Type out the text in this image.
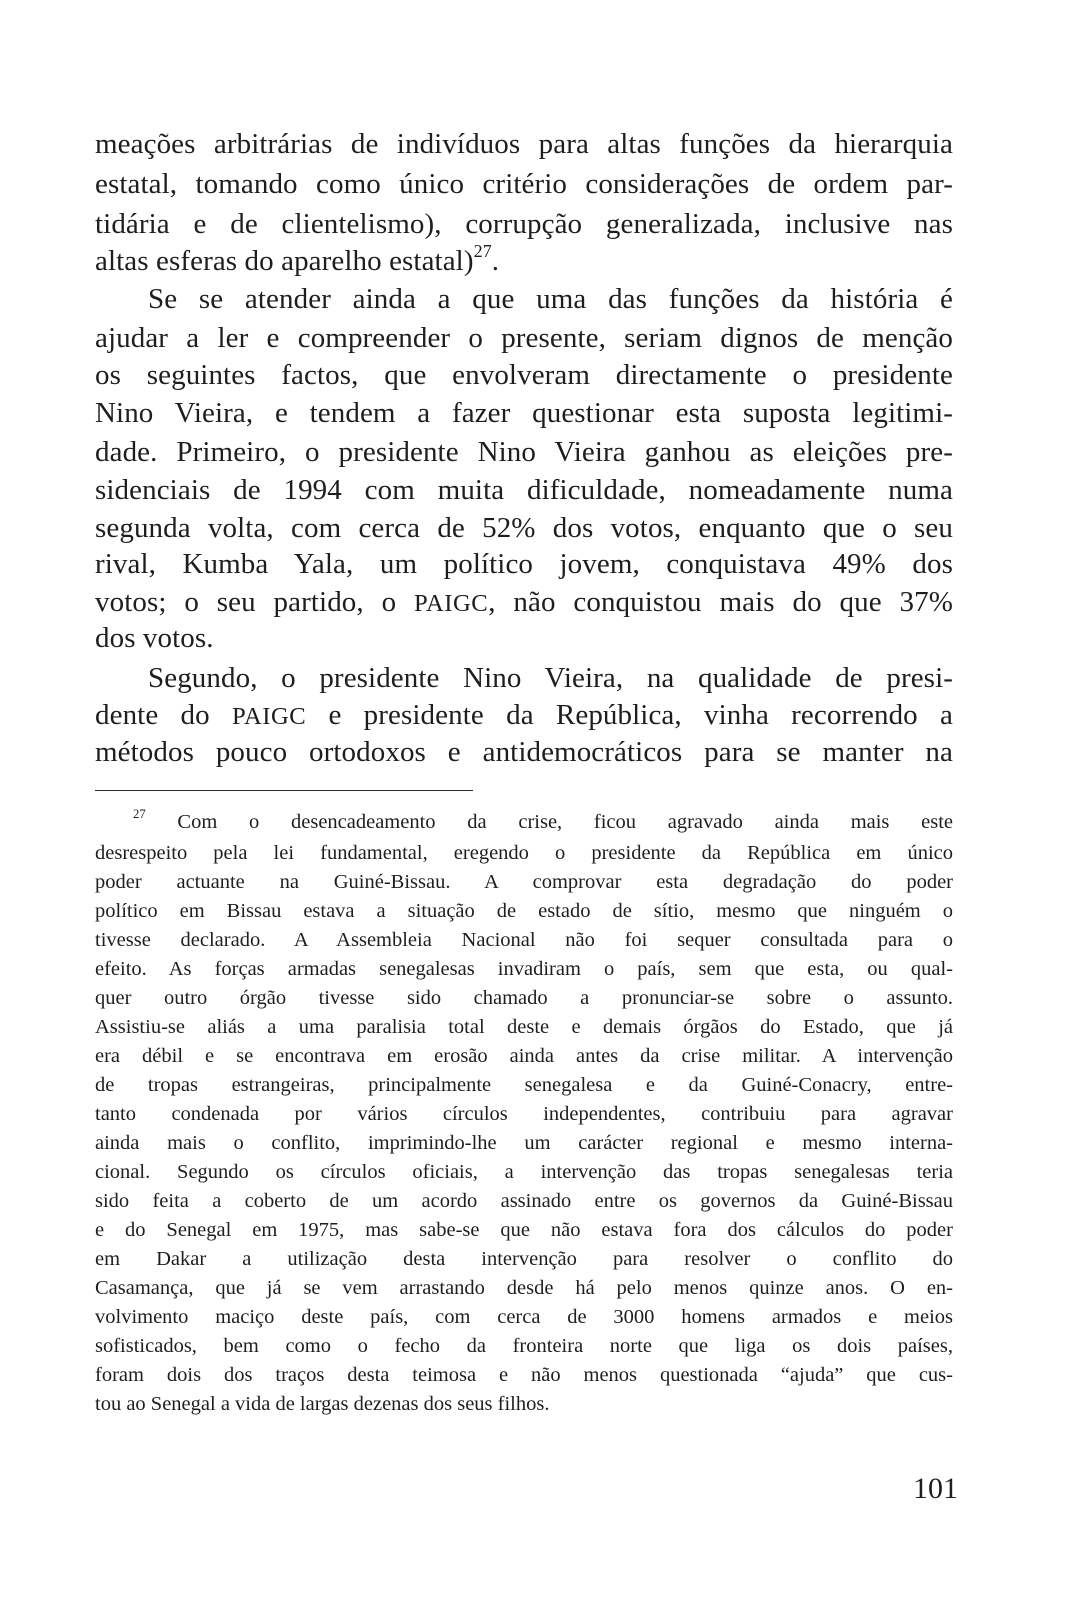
meações arbitrárias de indivíduos para altas funções da hierarquia
estatal, tomando como único critério considerações de ordem par-
tidária e de clientelismo), corrupção generalizada, inclusive nas
altas esferas do aparelho estatal)$^{27}$.
Se se atender ainda a que uma das funções da história é
ajudar a ler e compreender o presente, seriam dignos de menção
os seguintes factos, que envolveram directamente o presidente
Nino Vieira, e tendem a fazer questionar esta suposta legitimi-
dade. Primeiro, o presidente Nino Vieira ganhou as eleições pre-
sidenciais de 1994 com muita dificuldade, nomeadamente numa
segunda volta, com cerca de 52% dos votos, enquanto que o seu
rival, Kumba Yala, um político jovem, conquistava 49% dos
votos; o seu partido, o PAIGC, não conquistou mais do que 37%
dos votos.
Segundo, o presidente Nino Vieira, na qualidade de presi-
dente do PAIGC e presidente da República, vinha recorrendo a
métodos pouco ortodoxos e antidemocráticos para se manter na
$^{27}$ Com o desencadeamento da crise, ficou agravado ainda mais este
desrespeito pela lei fundamental, eregendo o presidente da República em único
poder actuante na Guiné-Bissau. A comprovar esta degradação do poder
político em Bissau estava a situação de estado de sítio, mesmo que ninguém o
tivesse declarado. A Assembleia Nacional não foi sequer consultada para o
efeito. As forças armadas senegalesas invadiram o país, sem que esta, ou qual-
quer outro órgão tivesse sido chamado a pronunciar-se sobre o assunto.
Assistiu-se aliás a uma paralisia total deste e demais órgãos do Estado, que já
era débil e se encontrava em erosão ainda antes da crise militar. A intervenção
de tropas estrangeiras, principalmente senegalesa e da Guiné-Conacry, entre-
tanto condenada por vários círculos independentes, contribuiu para agravar
ainda mais o conflito, imprimindo-lhe um carácter regional e mesmo interna-
cional. Segundo os círculos oficiais, a intervenção das tropas senegalesas teria
sido feita a coberto de um acordo assinado entre os governos da Guiné-Bissau
e do Senegal em 1975, mas sabe-se que não estava fora dos cálculos do poder
em Dakar a utilização desta intervenção para resolver o conflito do
Casamança, que já se vem arrastando desde há pelo menos quinze anos. O en-
volvimento maciço deste país, com cerca de 3000 homens armados e meios
sofisticados, bem como o fecho da fronteira norte que liga os dois países,
foram dois dos traços desta teimosa e não menos questionada “ajuda” que cus-
tou ao Senegal a vida de largas dezenas dos seus filhos.
101
